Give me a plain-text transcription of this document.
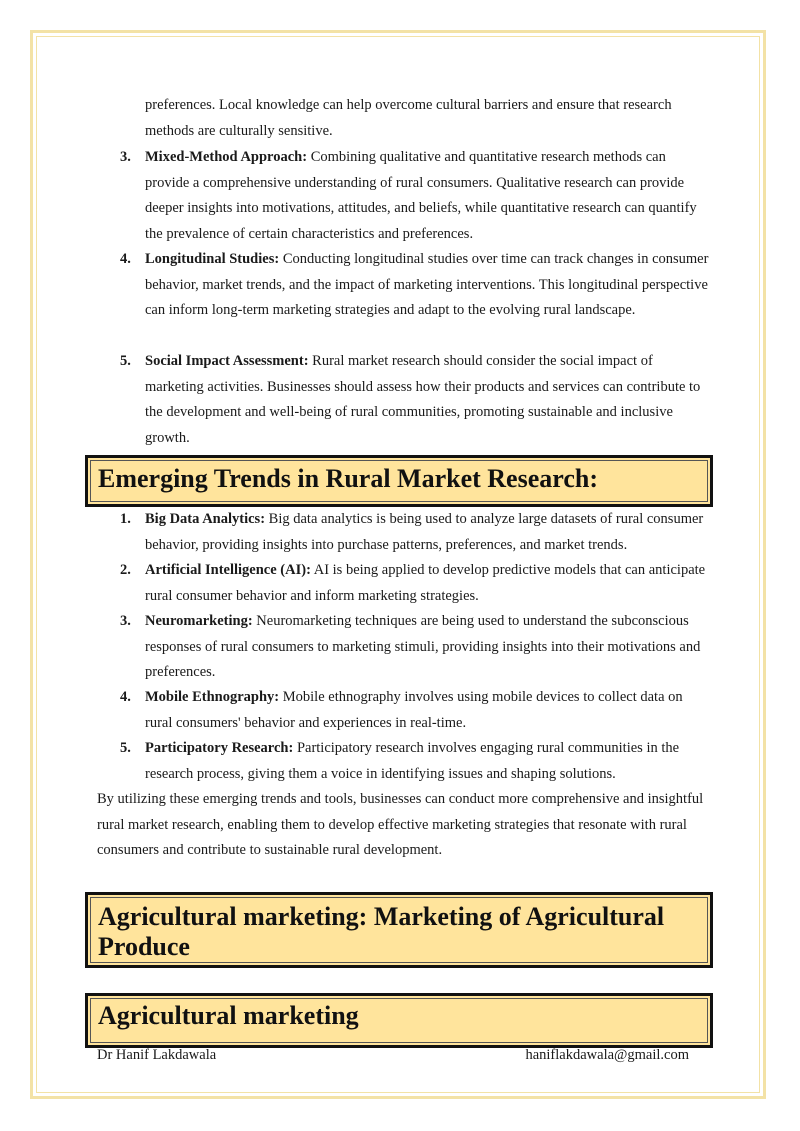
preferences. Local knowledge can help overcome cultural barriers and ensure that research methods are culturally sensitive.

3. Mixed-Method Approach: Combining qualitative and quantitative research methods can provide a comprehensive understanding of rural consumers. Qualitative research can provide deeper insights into motivations, attitudes, and beliefs, while quantitative research can quantify the prevalence of certain characteristics and preferences.
4. Longitudinal Studies: Conducting longitudinal studies over time can track changes in consumer behavior, market trends, and the impact of marketing interventions. This longitudinal perspective can inform long-term marketing strategies and adapt to the evolving rural landscape.
5. Social Impact Assessment: Rural market research should consider the social impact of marketing activities. Businesses should assess how their products and services can contribute to the development and well-being of rural communities, promoting sustainable and inclusive growth.
Emerging Trends in Rural Market Research:
1. Big Data Analytics: Big data analytics is being used to analyze large datasets of rural consumer behavior, providing insights into purchase patterns, preferences, and market trends.
2. Artificial Intelligence (AI): AI is being applied to develop predictive models that can anticipate rural consumer behavior and inform marketing strategies.
3. Neuromarketing: Neuromarketing techniques are being used to understand the subconscious responses of rural consumers to marketing stimuli, providing insights into their motivations and preferences.
4. Mobile Ethnography: Mobile ethnography involves using mobile devices to collect data on rural consumers' behavior and experiences in real-time.
5. Participatory Research: Participatory research involves engaging rural communities in the research process, giving them a voice in identifying issues and shaping solutions.

By utilizing these emerging trends and tools, businesses can conduct more comprehensive and insightful rural market research, enabling them to develop effective marketing strategies that resonate with rural consumers and contribute to sustainable rural development.

Agricultural marketing: Marketing of Agricultural Produce
Agricultural marketing
Dr Hanif Lakdawala	haniflakdawala@gmail.com
